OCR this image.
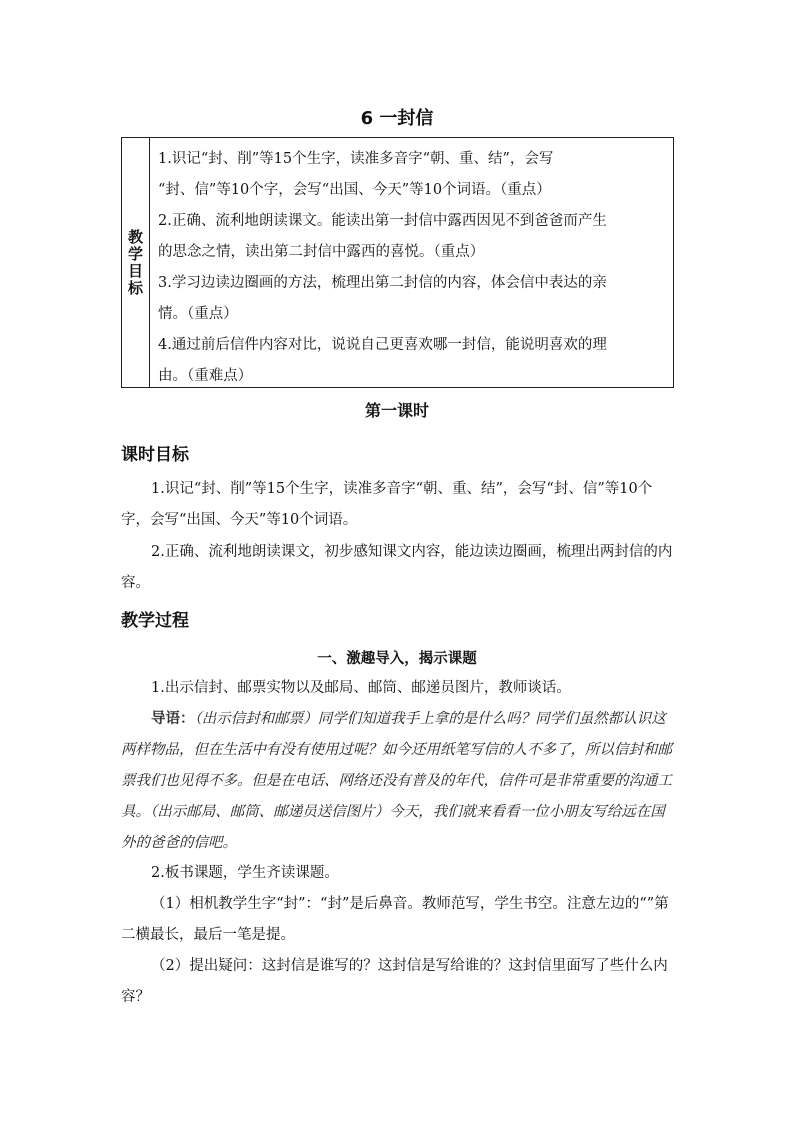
6 一封信
教学目标

1.识记“封、削”等15个生字，读准多音字“朝、重、结”，会写

“封、信”等10个字，会写“出国、今天”等10个词语。（重点）

2.正确、流利地朗读课文。能读出第一封信中露西因见不到爸爸而产生

的思念之情，读出第二封信中露西的喜悦。（重点）

3.学习边读边圈画的方法，梳理出第二封信的内容，体会信中表达的亲

情。（重点）

4.通过前后信件内容对比，说说自己更喜欢哪一封信，能说明喜欢的理

由。（重难点）

第一课时
课时目标

1.识记“封、削”等15个生字，读准多音字“朝、重、结”，会写“封、信”等10个字，会写“出国、今天”等10个词语。

2.正确、流利地朗读课文，初步感知课文内容，能边读边圈画，梳理出两封信的内容。

教学过程
一、激趣导入，揭示课题

1.出示信封、邮票实物以及邮局、邮筒、邮递员图片，教师谈话。

导语：（出示信封和邮票）同学们知道我手上拿的是什么吗？同学们虽然都认识这两样物品，但在生活中有没有使用过呢？如今还用纸笔写信的人不多了，所以信封和邮票我们也见得不多。但是在电话、网络还没有普及的年代，信件可是非常重要的沟通工具。（出示邮局、邮筒、邮递员送信图片）今天，我们就来看看一位小朋友写给远在国外的爸爸的信吧。

2.板书课题，学生齐读课题。

（1）相机教学生字“封”：“封”是后鼻音。教师范写，学生书空。注意左边的“”第二横最长，最后一笔是提。

（2）提出疑问：这封信是谁写的？这封信是写给谁的？这封信里面写了些什么内容？
